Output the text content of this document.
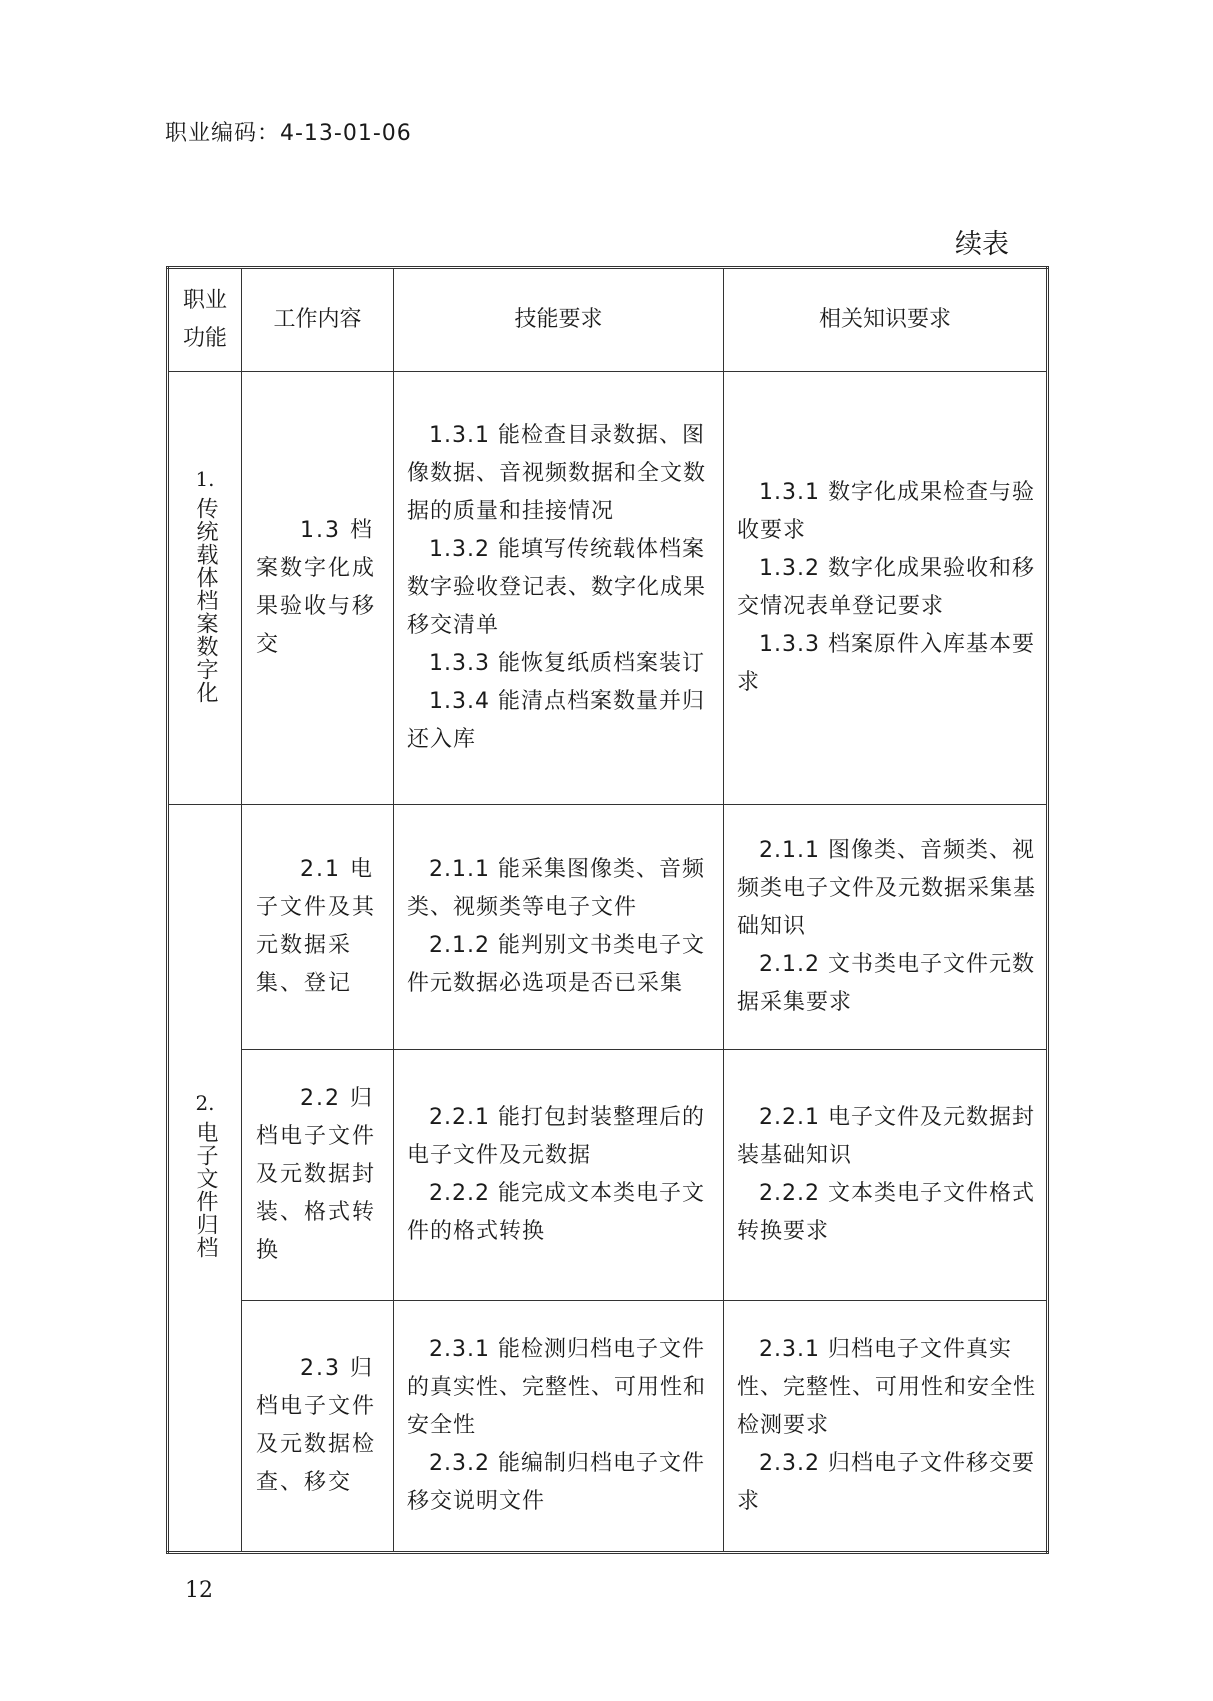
职业编码：4-13-01-06
续表
职业功能	工作内容	技能要求	相关知识要求

1.
传统载体档案数字化	1.3 档案数字化成果验收与移交	1.3.1 能检查目录数据、图像数据、音视频数据和全文数据的质量和挂接情况
1.3.2 能填写传统载体档案数字验收登记表、数字化成果移交清单
1.3.3 能恢复纸质档案装订
1.3.4 能清点档案数量并归还入库	1.3.1 数字化成果检查与验收要求
1.3.2 数字化成果验收和移交情况表单登记要求
1.3.3 档案原件入库基本要求

2.
电子文件归档	2.1 电子文件及其元数据采集、登记	2.1.1 能采集图像类、音频类、视频类等电子文件
2.1.2 能判别文书类电子文件元数据必选项是否已采集	2.1.1 图像类、音频类、视频类电子文件及元数据采集基础知识
2.1.2 文书类电子文件元数据采集要求

	2.2 归档电子文件及元数据封装、格式转换	2.2.1 能打包封装整理后的电子文件及元数据
2.2.2 能完成文本类电子文件的格式转换	2.2.1 电子文件及元数据封装基础知识
2.2.2 文本类电子文件格式转换要求

	2.3 归档电子文件及元数据检查、移交	2.3.1 能检测归档电子文件的真实性、完整性、可用性和安全性
2.3.2 能编制归档电子文件移交说明文件	2.3.1 归档电子文件真实性、完整性、可用性和安全性检测要求
2.3.2 归档电子文件移交要求
12
